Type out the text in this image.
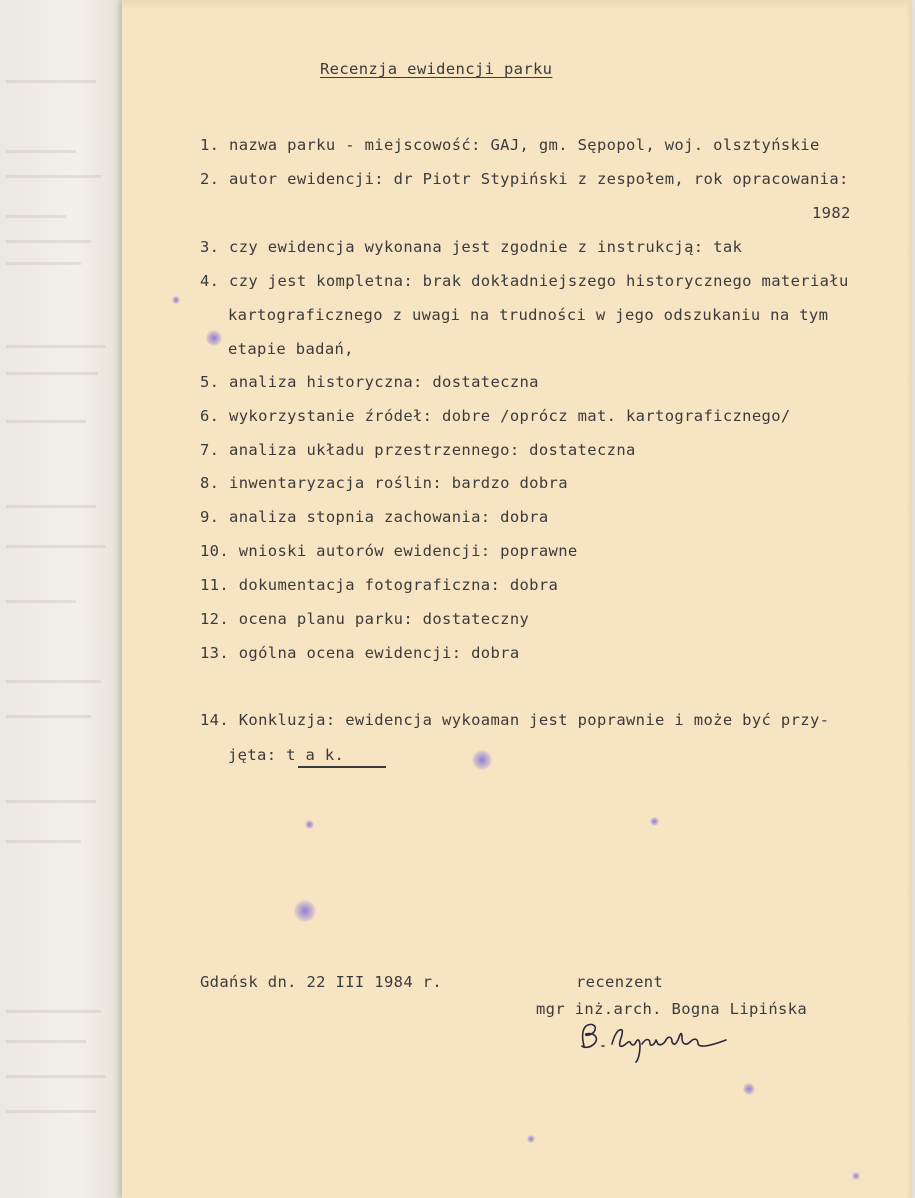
Recenzja ewidencji parku
1. nazwa parku - miejscowość: GAJ, gm. Sępopol, woj. olsztyńskie
2. autor ewidencji: dr Piotr Stypiński z zespołem, rok opracowania:
1982
3. czy ewidencja wykonana jest zgodnie z instrukcją: tak
4. czy jest kompletna: brak dokładniejszego historycznego materiału
kartograficznego z uwagi na trudności w jego odszukaniu na tym
etapie badań,
5. analiza historyczna: dostateczna
6. wykorzystanie źródeł: dobre /oprócz mat. kartograficznego/
7. analiza układu przestrzennego: dostateczna
8. inwentaryzacja roślin: bardzo dobra
9. analiza stopnia zachowania: dobra
10. wnioski autorów ewidencji: poprawne
11. dokumentacja fotograficzna: dobra
12. ocena planu parku: dostateczny
13. ogólna ocena ewidencji: dobra
14. Konkluzja: ewidencja wykoaman jest poprawnie i może być przy-
jęta: t a k.
Gdańsk dn. 22 III 1984 r.	recenzent
mgr inż.arch. Bogna Lipińska
